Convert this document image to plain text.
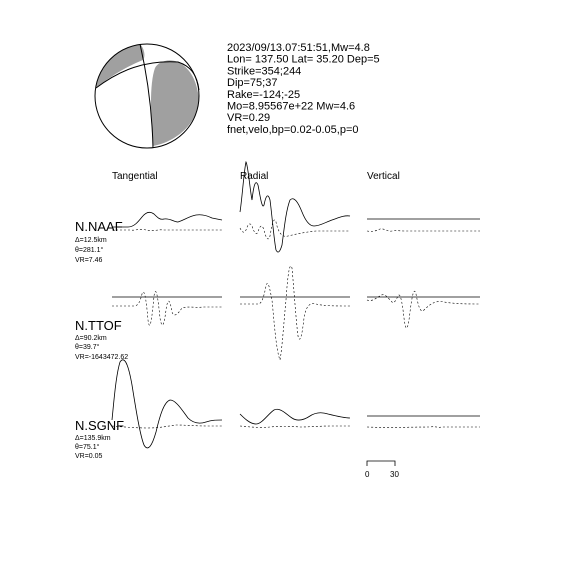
2023/09/13.07:51:51,Mw=4.8
Lon= 137.50 Lat= 35.20 Dep=5
Strike=354;244
Dip=75;37
Rake=-124;-25
Mo=8.95567e+22 Mw=4.6
VR=0.29
fnet,velo,bp=0.02-0.05,p=0
Tangential	Radial	Vertical
N.NAAF
Δ=12.5km
θ=281.1°
VR=7.46
N.TTOF
Δ=90.2km
θ=39.7°
VR=-1643472.62
N.SGNF
Δ=135.9km
θ=75.1°
VR=0.05
0	30
